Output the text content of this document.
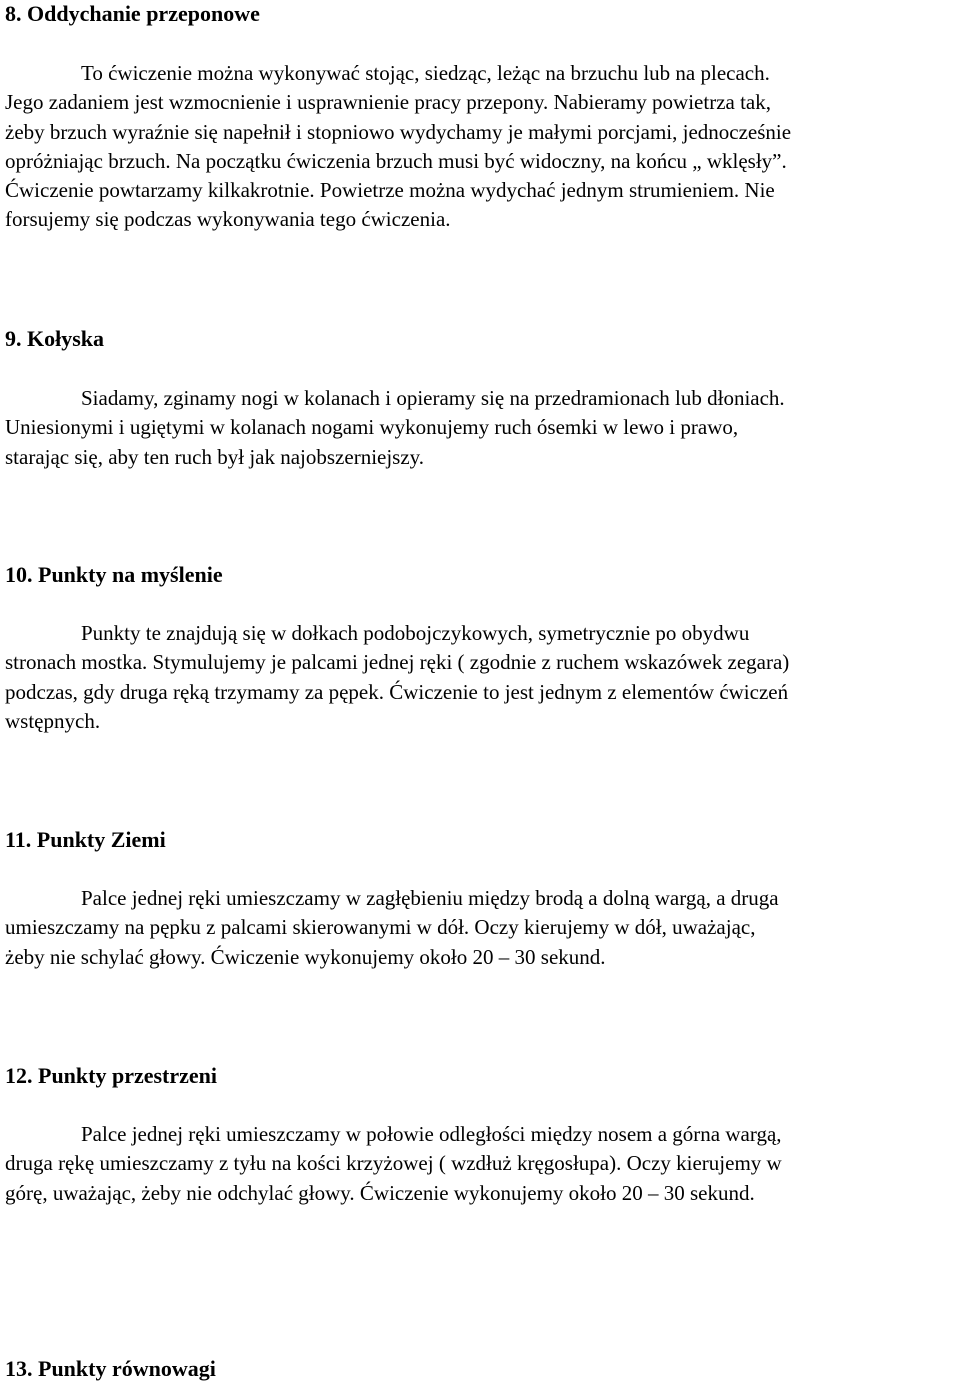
8. Oddychanie przeponowe

To ćwiczenie można wykonywać stojąc, siedząc, leżąc na brzuchu lub na plecach.
Jego zadaniem jest wzmocnienie i usprawnienie pracy przepony. Nabieramy powietrza tak,
żeby brzuch wyraźnie się napełnił i stopniowo wydychamy je małymi porcjami, jednocześnie
opróżniając brzuch. Na początku ćwiczenia brzuch musi być widoczny, na końcu „ wklęsły”.
Ćwiczenie powtarzamy kilkakrotnie. Powietrze można wydychać jednym strumieniem. Nie
forsujemy się podczas wykonywania tego ćwiczenia.

9. Kołyska

Siadamy, zginamy nogi w kolanach i opieramy się na przedramionach lub dłoniach.
Uniesionymi i ugiętymi w kolanach nogami wykonujemy ruch ósemki w lewo i prawo,
starając się, aby ten ruch był jak najobszerniejszy.

10. Punkty na myślenie

Punkty te znajdują się w dołkach podobojczykowych, symetrycznie po obydwu
stronach mostka. Stymulujemy je palcami jednej ręki ( zgodnie z ruchem wskazówek zegara)
podczas, gdy druga ręką trzymamy za pępek. Ćwiczenie to jest jednym z elementów ćwiczeń
wstępnych.

11. Punkty Ziemi

Palce jednej ręki umieszczamy w zagłębieniu między brodą a dolną wargą, a druga
umieszczamy na pępku z palcami skierowanymi w dół. Oczy kierujemy w dół, uważając,
żeby nie schylać głowy. Ćwiczenie wykonujemy około 20 – 30 sekund.

12. Punkty przestrzeni

Palce jednej ręki umieszczamy w połowie odległości między nosem a górna wargą,
druga rękę umieszczamy z tyłu na kości krzyżowej ( wzdłuż kręgosłupa). Oczy kierujemy w
górę, uważając, żeby nie odchylać głowy. Ćwiczenie wykonujemy około 20 – 30 sekund.

13. Punkty równowagi
